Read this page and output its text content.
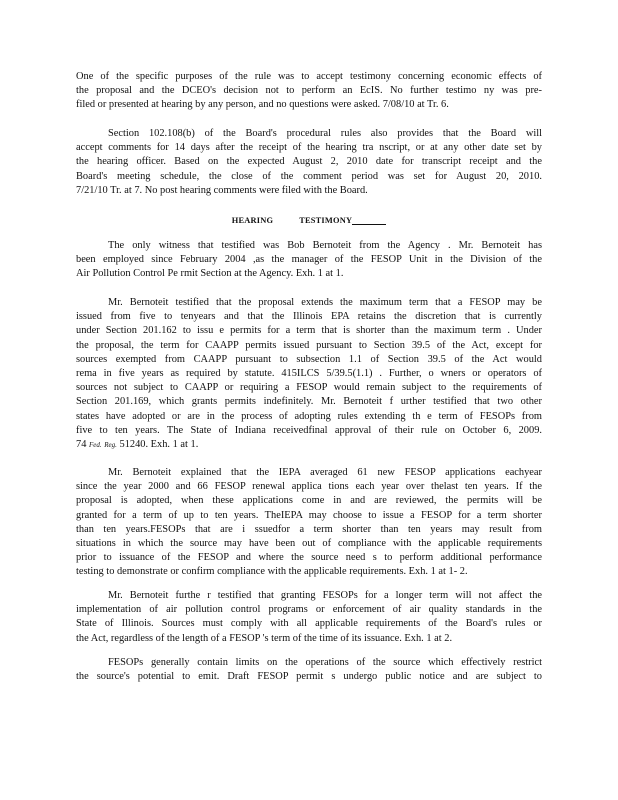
One of the specific purposes of the rule was to accept testimony concerning economic effects of
the proposal and the DCEO's decision not to perform an EcIS. No further testimo ny was pre-
filed or presented at hearing by any person, and no questions were asked. 7/08/10 at Tr. 6.
Section 102.108(b) of the Board's procedural rules also provides that the Board will
accept comments for 14 days after the receipt of the hearing tra nscript, or at any other date set by
the hearing officer. Based on the expected August 2, 2010 date for transcript receipt and the
Board's meeting schedule, the close of the comment period was set for August 20, 2010.
7/21/10 Tr. at 7. No post hearing comments were filed with the Board.
HEARING	TESTIMONY
The only witness that testified was Bob Bernoteit from the Agency . Mr. Bernoteit has
been employed since February 2004 ,as the manager of the FESOP Unit in the Division of the
Air Pollution Control Pe rmit Section at the Agency. Exh. 1 at 1.
Mr. Bernoteit testified that the proposal extends the maximum term that a FESOP may be
issued from five to tenyears and that the Illinois EPA retains the discretion that is currently
under Section 201.162 to issu e permits for a term that is shorter than the maximum term . Under
the proposal, the term for CAAPP permits issued pursuant to Section 39.5 of the Act, except for
sources exempted from CAAPP pursuant to subsection 1.1 of Section 39.5 of the Act would
rema in five years as required by statute. 415ILCS 5/39.5(1.1) . Further, o wners or operators of
sources not subject to CAAPP or requiring a FESOP would remain subject to the requirements of
Section 201.169, which grants permits indefinitely. Mr. Bernoteit f urther testified that two other
states have adopted or are in the process of adopting rules extending th e term of FESOPs from
five to ten years. The State of Indiana receivedfinal approval of their rule on October 6, 2009.
74 Fed. Reg. 51240. Exh. 1 at 1.
Mr. Bernoteit explained that the IEPA averaged 61 new FESOP applications eachyear
since the year 2000 and 66 FESOP renewal applica tions each year over thelast ten years. If the
proposal is adopted, when these applications come in and are reviewed, the permits will be
granted for a term of up to ten years. TheIEPA may choose to issue a FESOP for a term shorter
than ten years.FESOPs that are i ssuedfor a term shorter than ten years may result from
situations in which the source may have been out of compliance with the applicable requirements
prior to issuance of the FESOP and where the source need s to perform additional performance
testing to demonstrate or confirm compliance with the applicable requirements. Exh. 1 at 1- 2.
Mr. Bernoteit furthe r testified that granting FESOPs for a longer term will not affect the
implementation of air pollution control programs or enforcement of air quality standards in the
State of Illinois. Sources must comply with all applicable requirements of the Board's rules or
the Act, regardless of the length of a FESOP 's term of the time of its issuance. Exh. 1 at 2.
FESOPs generally contain limits on the operations of the source which effectively restrict
the source's potential to emit. Draft FESOP permit s undergo public notice and are subject to
